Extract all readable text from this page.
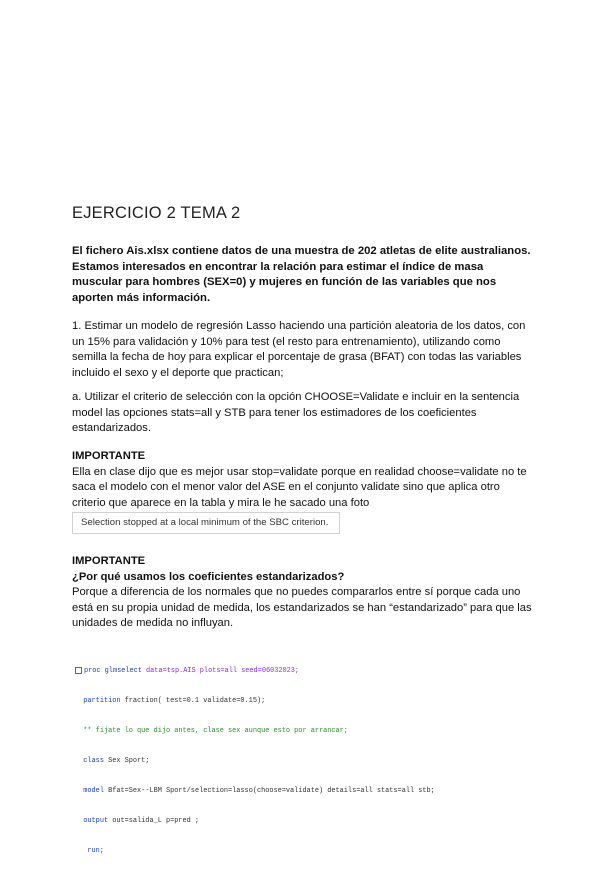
EJERCICIO 2 TEMA 2
El fichero Ais.xlsx contiene datos de una muestra de 202 atletas de elite australianos. Estamos interesados en encontrar la relación para estimar el índice de masa muscular para hombres (SEX=0) y mujeres en función de las variables que nos aporten más información.
1. Estimar un modelo de regresión Lasso haciendo una partición aleatoria de los datos, con un 15% para validación y 10% para test (el resto para entrenamiento), utilizando como semilla la fecha de hoy para explicar el porcentaje de grasa (BFAT) con todas las variables incluido el sexo y el deporte que practican;
a. Utilizar el criterio de selección con la opción CHOOSE=Validate e incluir en la sentencia model las opciones stats=all y STB para tener los estimadores de los coeficientes estandarizados.
IMPORTANTE
Ella en clase dijo que es mejor usar stop=validate porque en realidad choose=validate no te saca el modelo con el menor valor del ASE en el conjunto validate sino que aplica otro criterio que aparece en la tabla y mira le he sacado una foto
Selection stopped at a local minimum of the SBC criterion.
IMPORTANTE
¿Por qué usamos los coeficientes estandarizados?
Porque a diferencia de los normales que no puedes compararlos entre sí porque cada uno está en su propia unidad de medida, los estandarizados se han “estandarizado” para que las unidades de medida no influyan.

proc glmselect data=tsp.AIS plots=all seed=06032023;

partition fraction( test=0.1 validate=0.15);

** fijate lo que dijo antes, clase sex aunque esto por arrancar;

class Sex Sport;

model Bfat=Sex--LBM Sport/selection=lasso(choose=validate) details=all stats=all stb;

output out=salida_L p=pred ;

run;
